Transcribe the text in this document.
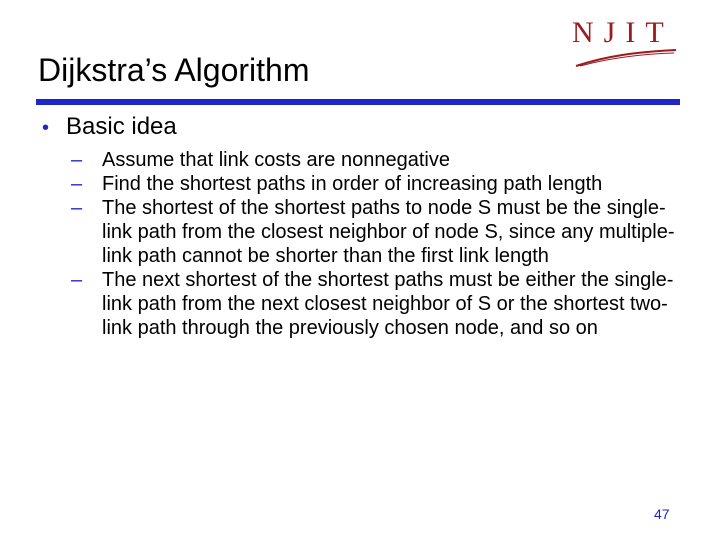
NJIT
Dijkstra’s Algorithm
• Basic idea
– Assume that link costs are nonnegative
– Find the shortest paths in order of increasing path length
– The shortest of the shortest paths to node S must be the single-link path from the closest neighbor of node S, since any multiple-link path cannot be shorter than the first link length
– The next shortest of the shortest paths must be either the single-link path from the next closest neighbor of S or the shortest two-link path through the previously chosen node, and so on
47
